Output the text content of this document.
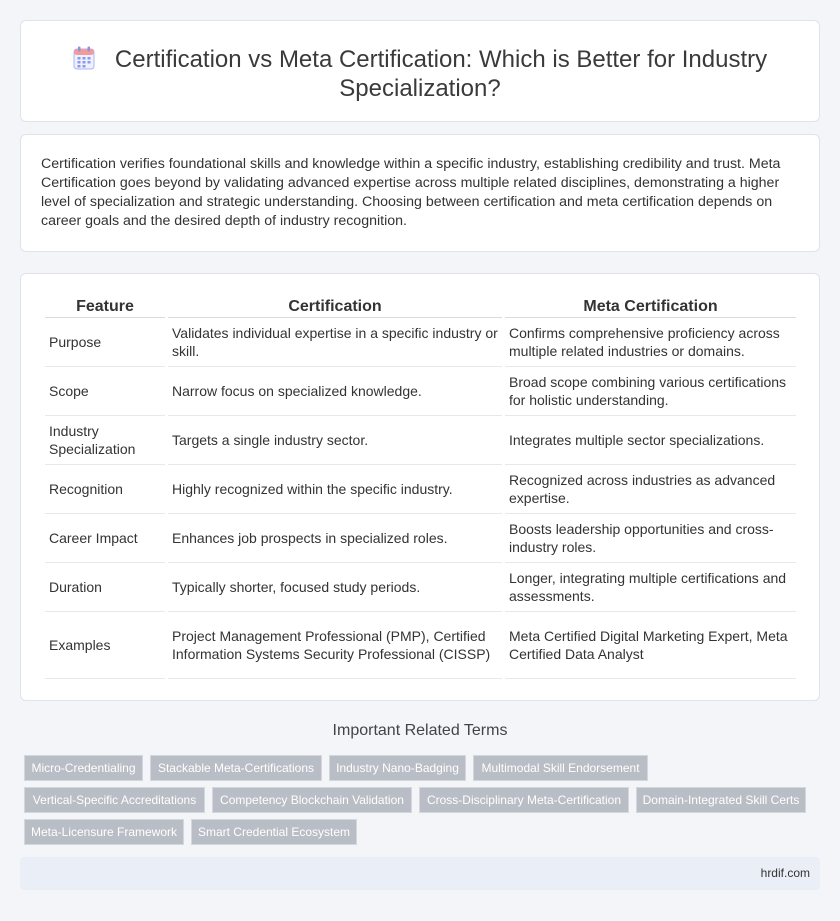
Certification vs Meta Certification: Which is Better for Industry Specialization?

Certification verifies foundational skills and knowledge within a specific industry, establishing credibility and trust. Meta Certification goes beyond by validating advanced expertise across multiple related disciplines, demonstrating a higher level of specialization and strategic understanding. Choosing between certification and meta certification depends on career goals and the desired depth of industry recognition.

Feature	Certification	Meta Certification
Purpose	Validates individual expertise in a specific industry or skill.	Confirms comprehensive proficiency across multiple related industries or domains.
Scope	Narrow focus on specialized knowledge.	Broad scope combining various certifications for holistic understanding.
Industry Specialization	Targets a single industry sector.	Integrates multiple sector specializations.
Recognition	Highly recognized within the specific industry.	Recognized across industries as advanced expertise.
Career Impact	Enhances job prospects in specialized roles.	Boosts leadership opportunities and cross-industry roles.
Duration	Typically shorter, focused study periods.	Longer, integrating multiple certifications and assessments.
Examples	Project Management Professional (PMP), Certified Information Systems Security Professional (CISSP)	Meta Certified Digital Marketing Expert, Meta Certified Data Analyst
Important Related Terms
Micro-Credentialing	Stackable Meta-Certifications	Industry Nano-Badging	Multimodal Skill Endorsement
Vertical-Specific Accreditations	Competency Blockchain Validation	Cross-Disciplinary Meta-Certification	Domain-Integrated Skill Certs
Meta-Licensure Framework	Smart Credential Ecosystem
hrdif.com
